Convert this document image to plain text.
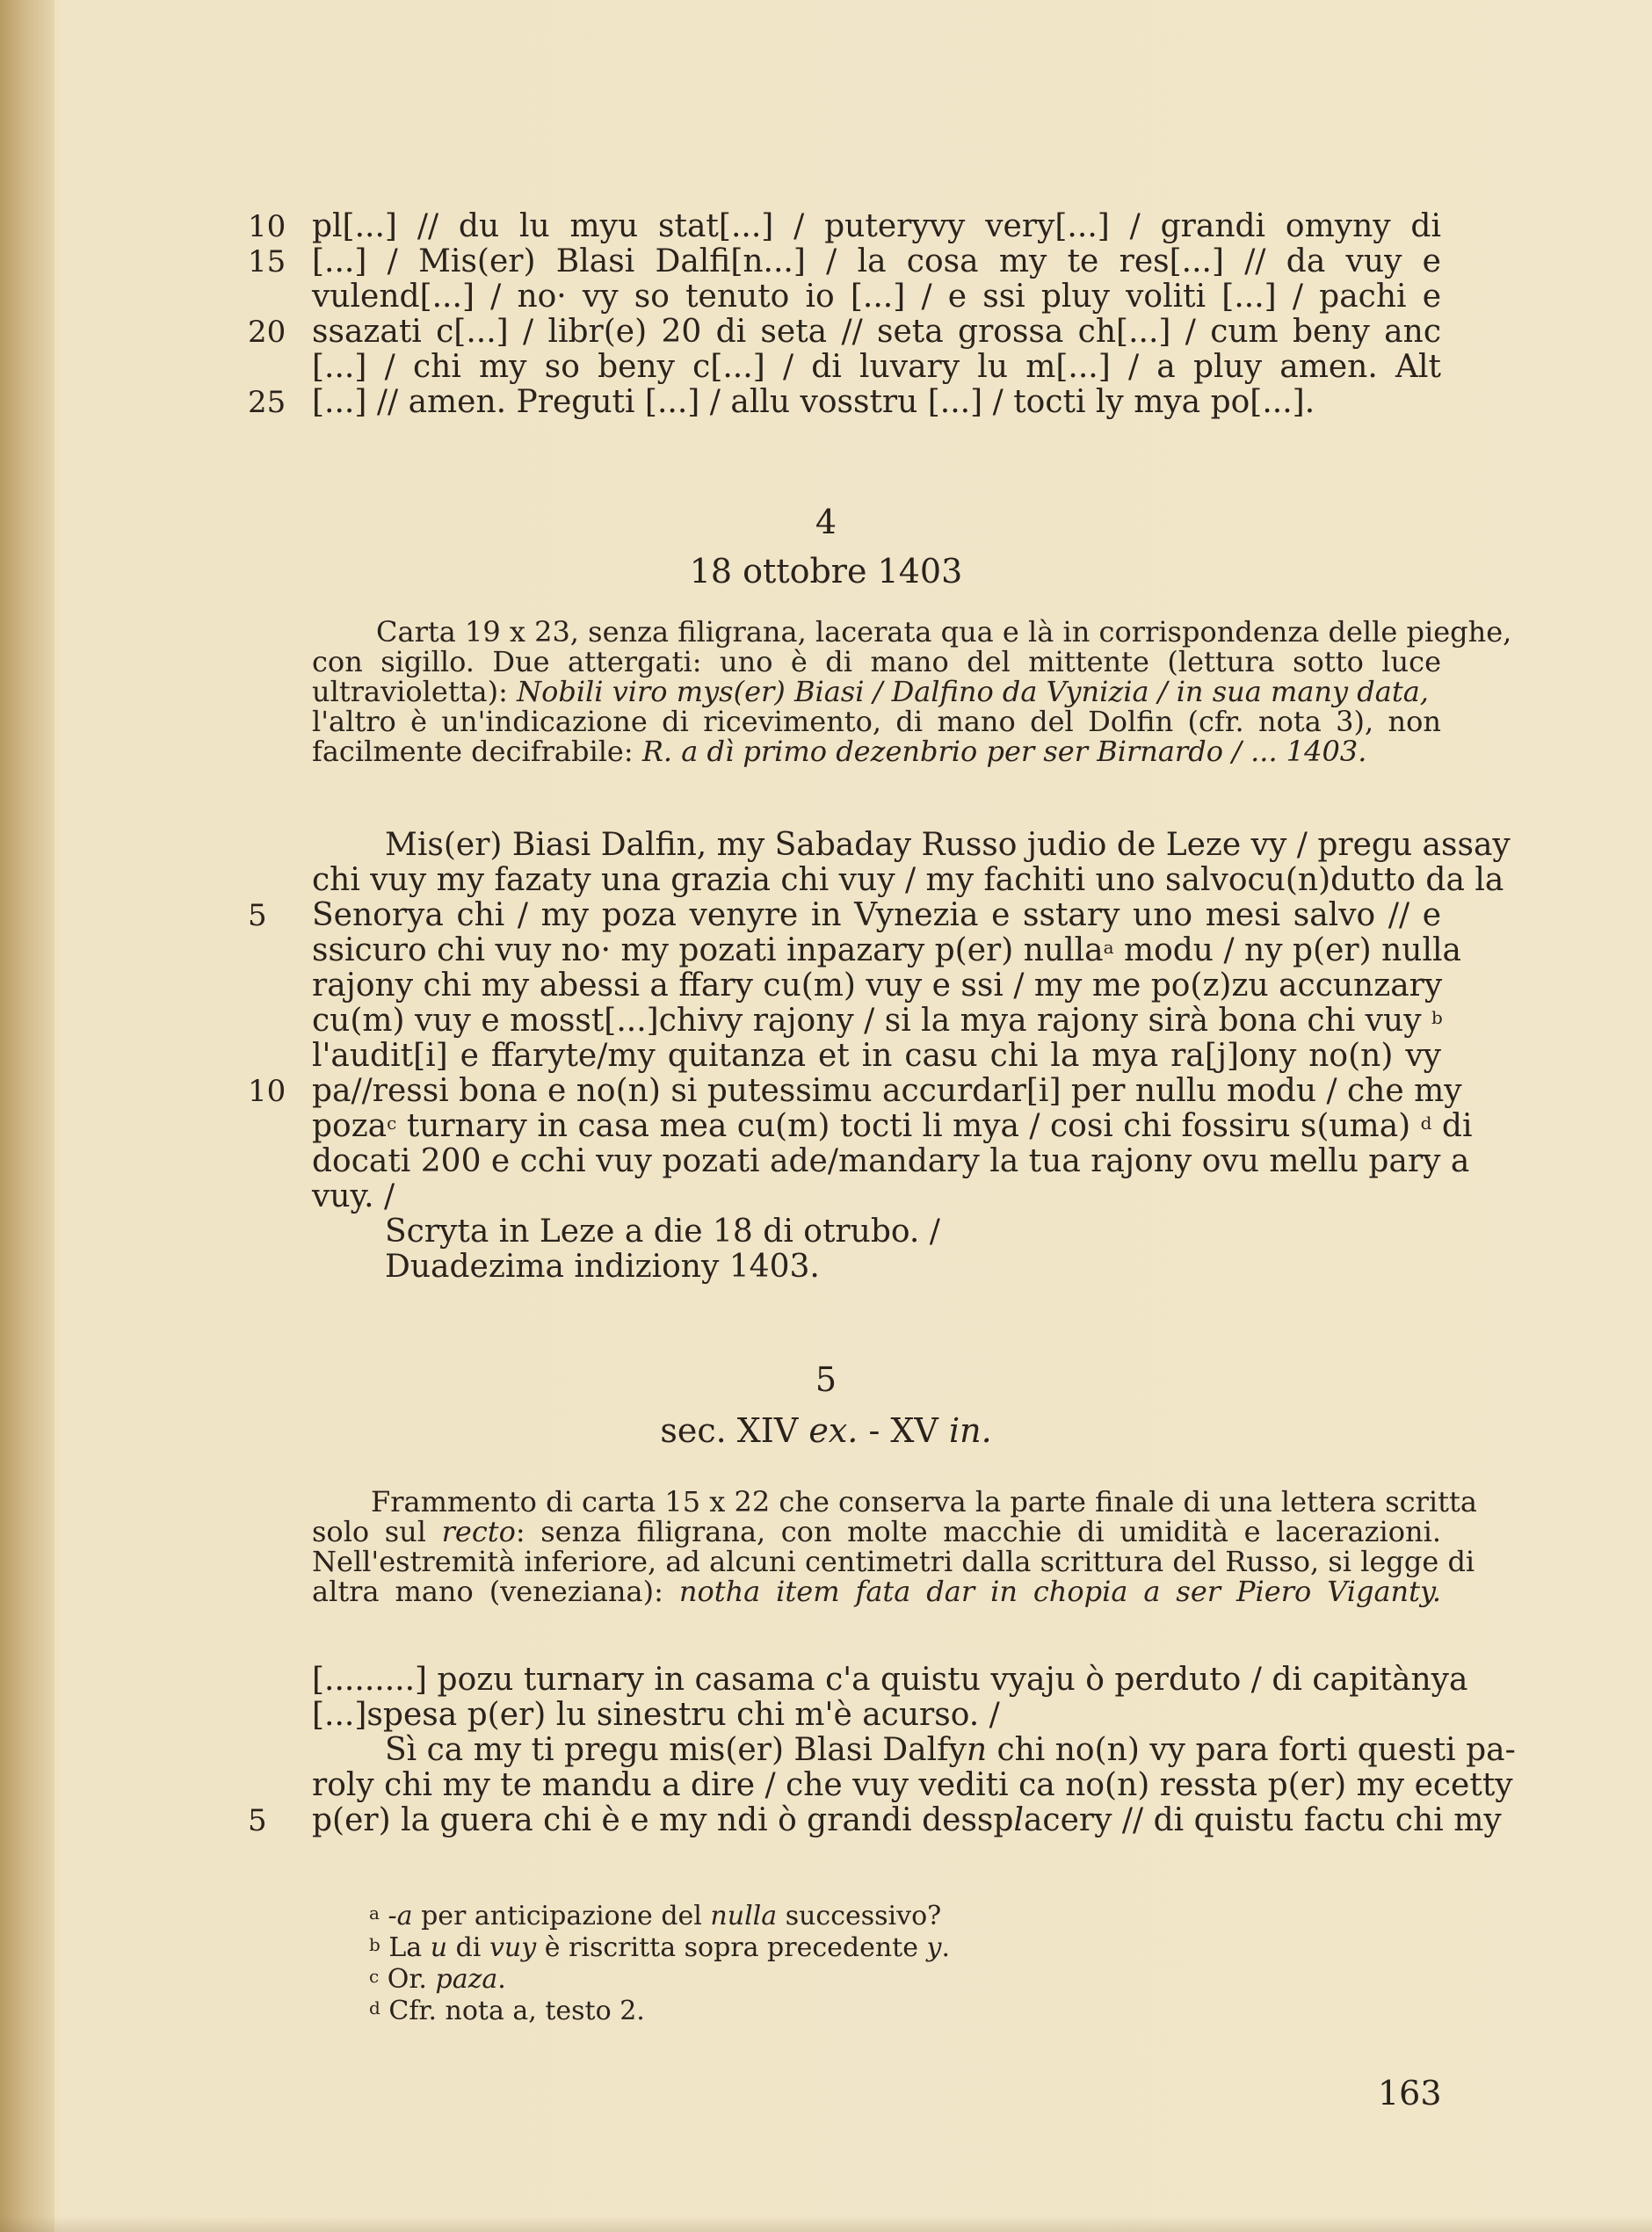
10
15
20
25
pl[...] // du lu myu stat[...] / puteryvy very[...] / grandi omyny di
[...] / Mis(er) Blasi Dalfi[n...] / la cosa my te res[...] // da vuy e
vulend[...] / no· vy so tenuto io [...] / e ssi pluy voliti [...] / pachi e
ssazati c[...] / libr(e) 20 di seta // seta grossa ch[...] / cum beny anc
[...] / chi my so beny c[...] / di luvary lu m[...] / a pluy amen. Alt
[...] // amen. Preguti [...] / allu vosstru [...] / tocti ly mya po[...].
4
18 ottobre 1403
Carta 19 x 23, senza filigrana, lacerata qua e là in corrispondenza delle pieghe,
con sigillo. Due attergati: uno è di mano del mittente (lettura sotto luce
ultravioletta): Nobili viro mys(er) Biasi / Dalfino da Vynizia / in sua many data,
l'altro è un'indicazione di ricevimento, di mano del Dolfin (cfr. nota 3), non
facilmente decifrabile: R. a dì primo dezenbrio per ser Birnardo / ... 1403.
5
10
Mis(er) Biasi Dalfin, my Sabaday Russo judio de Leze vy / pregu assay
chi vuy my fazaty una grazia chi vuy / my fachiti uno salvocu(n)dutto da la
Senorya chi / my poza venyre in Vynezia e sstary uno mesi salvo // e
ssicuro chi vuy no· my pozati inpazary p(er) nulla$^a$ modu / ny p(er) nulla
rajony chi my abessi a ffary cu(m) vuy e ssi / my me po(z)zu accunzary
cu(m) vuy e mosst[...]chivy rajony / si la mya rajony sirà bona chi vuy $^b$
l'audit[i] e ffaryte/my quitanza et in casu chi la mya ra[j]ony no(n) vy
pa//ressi bona e no(n) si putessimu accurdar[i] per nullu modu / che my
poza$^c$ turnary in casa mea cu(m) tocti li mya / cosi chi fossiru s(uma) $^d$ di
docati 200 e cchi vuy pozati ade/mandary la tua rajony ovu mellu pary a
vuy. /
Scryta in Leze a die 18 di otrubo. /
Duadezima indiziony 1403.
5
sec. XIV ex. - XV in.
Frammento di carta 15 x 22 che conserva la parte finale di una lettera scritta
solo sul recto: senza filigrana, con molte macchie di umidità e lacerazioni.
Nell'estremità inferiore, ad alcuni centimetri dalla scrittura del Russo, si legge di
altra mano (veneziana): notha item fata dar in chopia a ser Piero Viganty.
5
[.........] pozu turnary in casama c'a quistu vyaju ò perduto / di capitànya
[...]spesa p(er) lu sinestru chi m'è acurso. /
Sì ca my ti pregu mis(er) Blasi Dalfyn chi no(n) vy para forti questi pa-
roly chi my te mandu a dire / che vuy vediti ca no(n) ressta p(er) my ecetty
p(er) la guera chi è e my ndi ò grandi dessplacery // di quistu factu chi my
$^a$ -a per anticipazione del nulla successivo?
$^b$ La u di vuy è riscritta sopra precedente y.
$^c$ Or. paza.
$^d$ Cfr. nota a, testo 2.
163
